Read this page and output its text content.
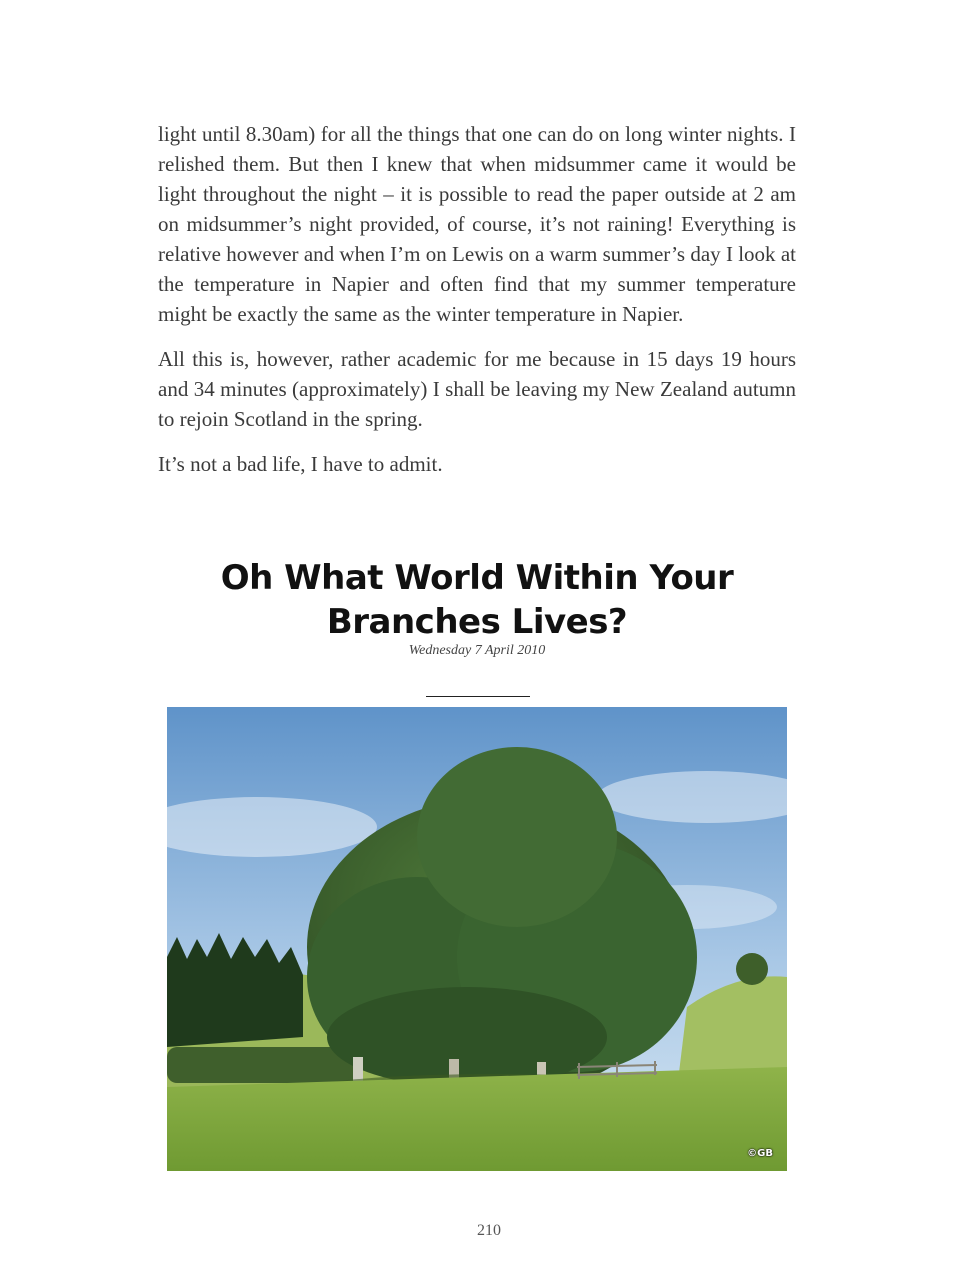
light until 8.30am) for all the things that one can do on long winter nights. I relished them. But then I knew that when midsummer came it would be light throughout the night – it is possible to read the paper outside at 2 am on midsummer’s night provided, of course, it’s not raining! Everything is relative however and when I’m on Lewis on a warm summer’s day I look at the temperature in Napier and often find that my summer temperature might be exactly the same as the winter temperature in Napier.

All this is, however, rather academic for me because in 15 days 19 hours and 34 minutes (approximately) I shall be leaving my New Zealand autumn to rejoin Scotland in the spring.

It’s not a bad life, I have to admit.

Oh What World Within Your Branches Lives?
Wednesday 7 April 2010
©GB
210
